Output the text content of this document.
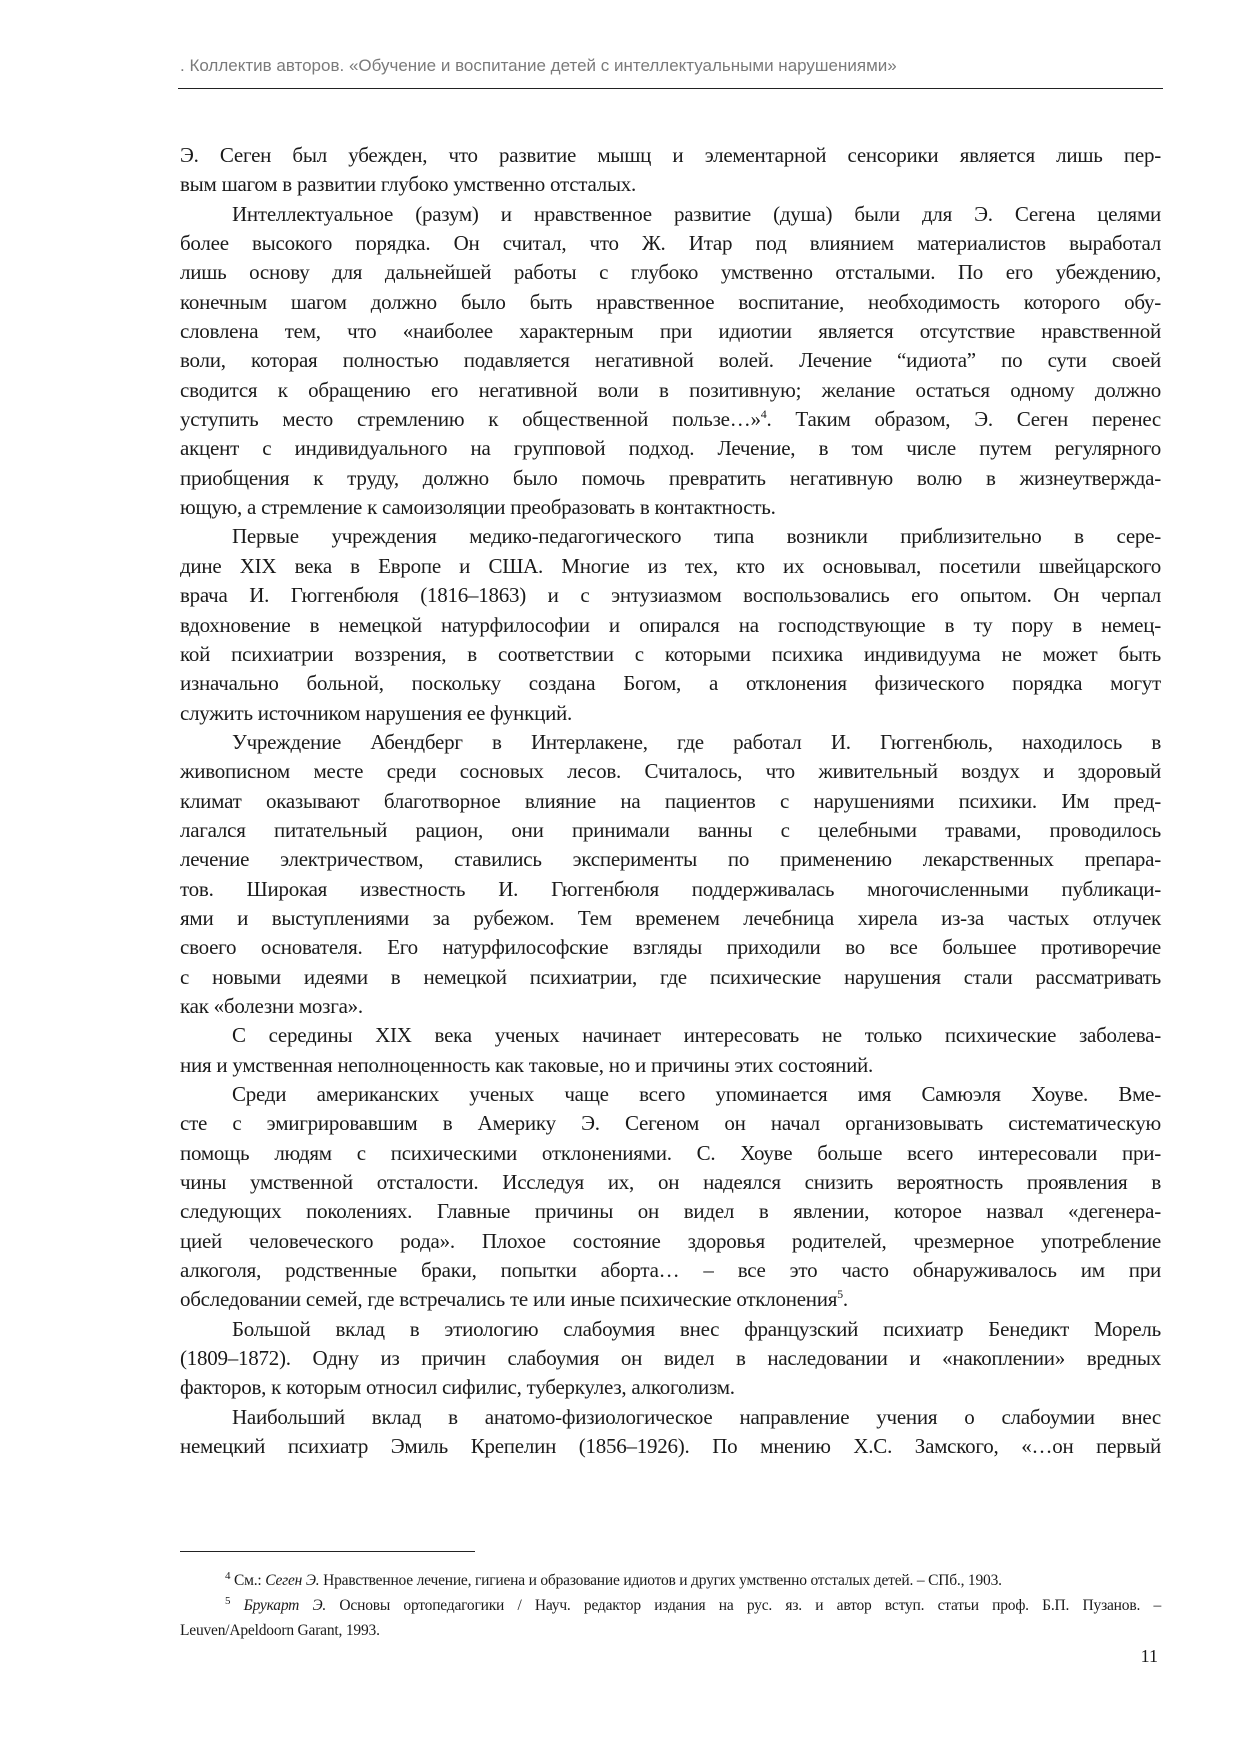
. Коллектив авторов. «Обучение и воспитание детей с интеллектуальными нарушениями»
Э. Сеген был убежден, что развитие мышц и элементарной сенсорики является лишь пер-
вым шагом в развитии глубоко умственно отсталых.
Интеллектуальное (разум) и нравственное развитие (душа) были для Э. Сегена целями
более высокого порядка. Он считал, что Ж. Итар под влиянием материалистов выработал
лишь основу для дальнейшей работы с глубоко умственно отсталыми. По его убеждению,
конечным шагом должно было быть нравственное воспитание, необходимость которого обу-
словлена тем, что «наиболее характерным при идиотии является отсутствие нравственной
воли, которая полностью подавляется негативной волей. Лечение “идиота” по сути своей
сводится к обращению его негативной воли в позитивную; желание остаться одному должно
уступить место стремлению к общественной пользе…»$^4$. Таким образом, Э. Сеген перенес
акцент с индивидуального на групповой подход. Лечение, в том числе путем регулярного
приобщения к труду, должно было помочь превратить негативную волю в жизнеутвержда-
ющую, а стремление к самоизоляции преобразовать в контактность.
Первые учреждения медико-педагогического типа возникли приблизительно в сере-
дине XIX века в Европе и США. Многие из тех, кто их основывал, посетили швейцарского
врача И. Гюггенбюля (1816–1863) и с энтузиазмом воспользовались его опытом. Он черпал
вдохновение в немецкой натурфилософии и опирался на господствующие в ту пору в немец-
кой психиатрии воззрения, в соответствии с которыми психика индивидуума не может быть
изначально больной, поскольку создана Богом, а отклонения физического порядка могут
служить источником нарушения ее функций.
Учреждение Абендберг в Интерлакене, где работал И. Гюггенбюль, находилось в
живописном месте среди сосновых лесов. Считалось, что живительный воздух и здоровый
климат оказывают благотворное влияние на пациентов с нарушениями психики. Им пред-
лагался питательный рацион, они принимали ванны с целебными травами, проводилось
лечение электричеством, ставились эксперименты по применению лекарственных препара-
тов. Широкая известность И. Гюггенбюля поддерживалась многочисленными публикаци-
ями и выступлениями за рубежом. Тем временем лечебница хирела из-за частых отлучек
своего основателя. Его натурфилософские взгляды приходили во все большее противоречие
с новыми идеями в немецкой психиатрии, где психические нарушения стали рассматривать
как «болезни мозга».
С середины XIX века ученых начинает интересовать не только психические заболева-
ния и умственная неполноценность как таковые, но и причины этих состояний.
Среди американских ученых чаще всего упоминается имя Самюэля Хоуве. Вме-
сте с эмигрировавшим в Америку Э. Сегеном он начал организовывать систематическую
помощь людям с психическими отклонениями. С. Хоуве больше всего интересовали при-
чины умственной отсталости. Исследуя их, он надеялся снизить вероятность проявления в
следующих поколениях. Главные причины он видел в явлении, которое назвал «дегенера-
цией человеческого рода». Плохое состояние здоровья родителей, чрезмерное употребление
алкоголя, родственные браки, попытки аборта… – все это часто обнаруживалось им при
обследовании семей, где встречались те или иные психические отклонения$^5$.
Большой вклад в этиологию слабоумия внес французский психиатр Бенедикт Морель
(1809–1872). Одну из причин слабоумия он видел в наследовании и «накоплении» вредных
факторов, к которым относил сифилис, туберкулез, алкоголизм.
Наибольший вклад в анатомо-физиологическое направление учения о слабоумии внес
немецкий психиатр Эмиль Крепелин (1856–1926). По мнению Х.С. Замского, «…он первый
$^4$ См.: Сеген Э. Нравственное лечение, гигиена и образование идиотов и других умственно отсталых детей. – СПб., 1903.
$^5$ Брукарт Э. Основы ортопедагогики / Науч. редактор издания на рус. яз. и автор вступ. статьи проф. Б.П. Пузанов. –
Leuven/Apeldoorn Garant, 1993.
11
